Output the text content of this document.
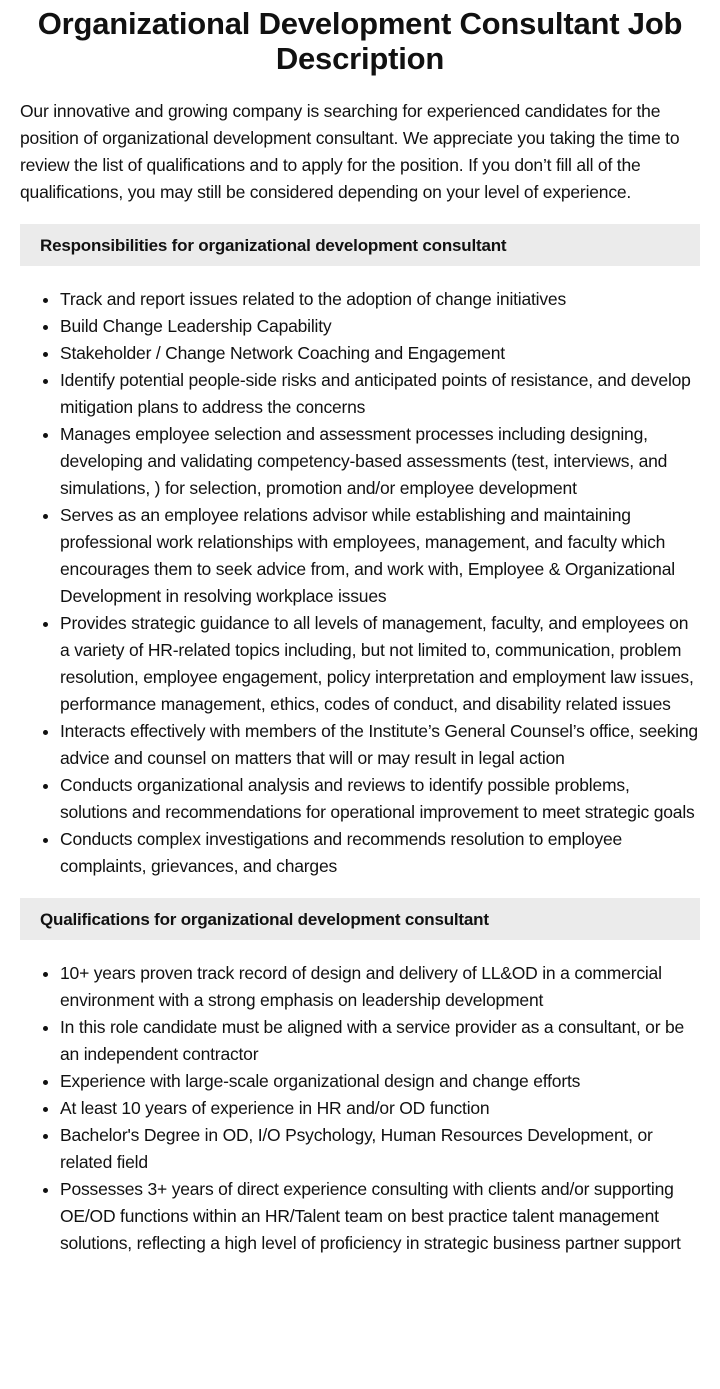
Organizational Development Consultant Job Description

Our innovative and growing company is searching for experienced candidates for the position of organizational development consultant. We appreciate you taking the time to review the list of qualifications and to apply for the position. If you don’t fill all of the qualifications, you may still be considered depending on your level of experience.

Responsibilities for organizational development consultant
• Track and report issues related to the adoption of change initiatives
• Build Change Leadership Capability
• Stakeholder / Change Network Coaching and Engagement
• Identify potential people-side risks and anticipated points of resistance, and develop mitigation plans to address the concerns
• Manages employee selection and assessment processes including designing, developing and validating competency-based assessments (test, interviews, and simulations, ) for selection, promotion and/or employee development
• Serves as an employee relations advisor while establishing and maintaining professional work relationships with employees, management, and faculty which encourages them to seek advice from, and work with, Employee & Organizational Development in resolving workplace issues
• Provides strategic guidance to all levels of management, faculty, and employees on a variety of HR-related topics including, but not limited to, communication, problem resolution, employee engagement, policy interpretation and employment law issues, performance management, ethics, codes of conduct, and disability related issues
• Interacts effectively with members of the Institute’s General Counsel’s office, seeking advice and counsel on matters that will or may result in legal action
• Conducts organizational analysis and reviews to identify possible problems, solutions and recommendations for operational improvement to meet strategic goals
• Conducts complex investigations and recommends resolution to employee complaints, grievances, and charges
Qualifications for organizational development consultant
• 10+ years proven track record of design and delivery of LL&OD in a commercial environment with a strong emphasis on leadership development
• In this role candidate must be aligned with a service provider as a consultant, or be an independent contractor
• Experience with large-scale organizational design and change efforts
• At least 10 years of experience in HR and/or OD function
• Bachelor's Degree in OD, I/O Psychology, Human Resources Development, or related field
• Possesses 3+ years of direct experience consulting with clients and/or supporting OE/OD functions within an HR/Talent team on best practice talent management solutions, reflecting a high level of proficiency in strategic business partner support
